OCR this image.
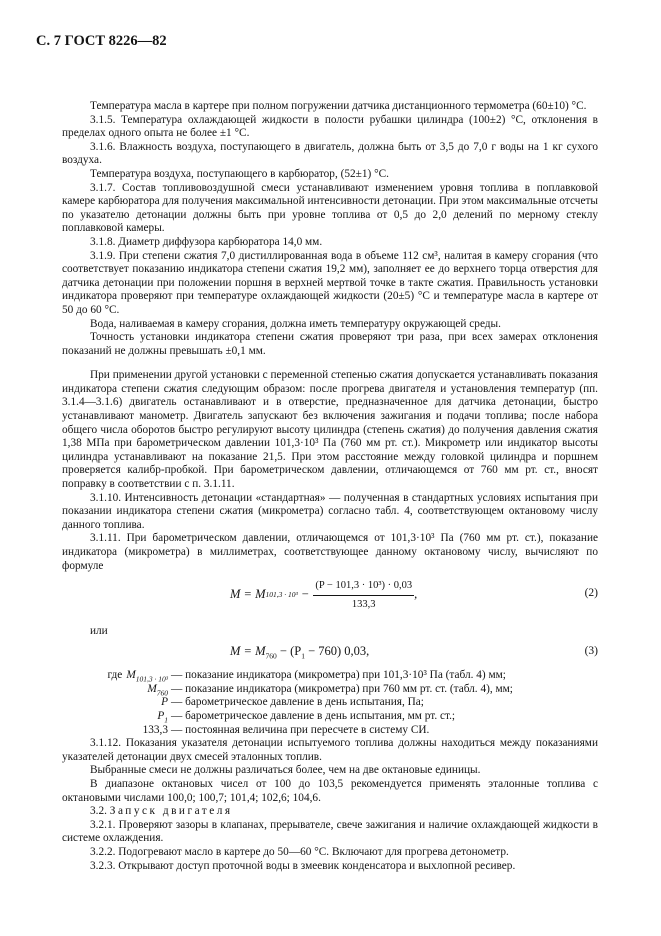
С. 7 ГОСТ 8226—82

Температура масла в картере при полном погружении датчика дистанционного термометра (60±10) °С.

3.1.5. Температура охлаждающей жидкости в полости рубашки цилиндра (100±2) °С, отклонения в пределах одного опыта не более ±1 °С.

3.1.6. Влажность воздуха, поступающего в двигатель, должна быть от 3,5 до 7,0 г воды на 1 кг сухого воздуха.

Температура воздуха, поступающего в карбюратор, (52±1) °С.

3.1.7. Состав топливовоздушной смеси устанавливают изменением уровня топлива в поплавковой камере карбюратора для получения максимальной интенсивности детонации. При этом максимальные отсчеты по указателю детонации должны быть при уровне топлива от 0,5 до 2,0 делений по мерному стеклу поплавковой камеры.

3.1.8. Диаметр диффузора карбюратора 14,0 мм.

3.1.9. При степени сжатия 7,0 дистиллированная вода в объеме 112 см³, налитая в камеру сгорания (что соответствует показанию индикатора степени сжатия 19,2 мм), заполняет ее до верхнего торца отверстия для датчика детонации при положении поршня в верхней мертвой точке в такте сжатия. Правильность установки индикатора проверяют при температуре охлаждающей жидкости (20±5) °С и температуре масла в картере от 50 до 60 °С.

Вода, наливаемая в камеру сгорания, должна иметь температуру окружающей среды.

Точность установки индикатора степени сжатия проверяют три раза, при всех замерах отклонения показаний не должны превышать ±0,1 мм.

При применении другой установки с переменной степенью сжатия допускается устанавливать показания индикатора степени сжатия следующим образом: после прогрева двигателя и установления температур (пп. 3.1.4—3.1.6) двигатель останавливают и в отверстие, предназначенное для датчика детонации, быстро устанавливают манометр. Двигатель запускают без включения зажигания и подачи топлива; после набора общего числа оборотов быстро регулируют высоту цилиндра (степень сжатия) до получения давления сжатия 1,38 МПа при барометрическом давлении 101,3·10³ Па (760 мм рт. ст.). Микрометр или индикатор высоты цилиндра устанавливают на показание 21,5. При этом расстояние между головкой цилиндра и поршнем проверяется калибр-пробкой. При барометрическом давлении, отличающемся от 760 мм рт. ст., вносят поправку в соответствии с п. 3.1.11.

3.1.10. Интенсивность детонации «стандартная» — полученная в стандартных условиях испытания при показании индикатора степени сжатия (микрометра) согласно табл. 4, соответствующем октановому числу данного топлива.

3.1.11. При барометрическом давлении, отличающемся от 101,3·10³ Па (760 мм рт. ст.), показание индикатора (микрометра) в миллиметрах, соответствующее данному октановому числу, вычисляют по формуле

M = M $101,3 \cdot 10^3 - \frac{\text{(P − 101,3 · 10³) · 0,03}}{133,3}$ ,	(2)
или
$M = M_{760} - (P_1 - 760)$ 0,03,	(3)
где $M_{101,3 \cdot 10^3}$ — показание индикатора (микрометра) при 101,3·10³ Па (табл. 4) мм;
$M_{760}$ — показание индикатора (микрометра) при 760 мм рт. ст. (табл. 4), мм;
P — барометрическое давление в день испытания, Па;
$P_1$ — барометрическое давление в день испытания, мм рт. ст.;
133,3 — постоянная величина при пересчете в систему СИ.

3.1.12. Показания указателя детонации испытуемого топлива должны находиться между показаниями указателей детонации двух смесей эталонных топлив.

Выбранные смеси не должны различаться более, чем на две октановые единицы.

В диапазоне октановых чисел от 100 до 103,5 рекомендуется применять эталонные топлива с октановыми числами 100,0; 100,7; 101,4; 102,6; 104,6.

3.2. Запуск двигателя

3.2.1. Проверяют зазоры в клапанах, прерывателе, свече зажигания и наличие охлаждающей жидкости в системе охлаждения.

3.2.2. Подогревают масло в картере до 50—60 °С. Включают для прогрева детонометр.

3.2.3. Открывают доступ проточной воды в змеевик конденсатора и выхлопной ресивер.
